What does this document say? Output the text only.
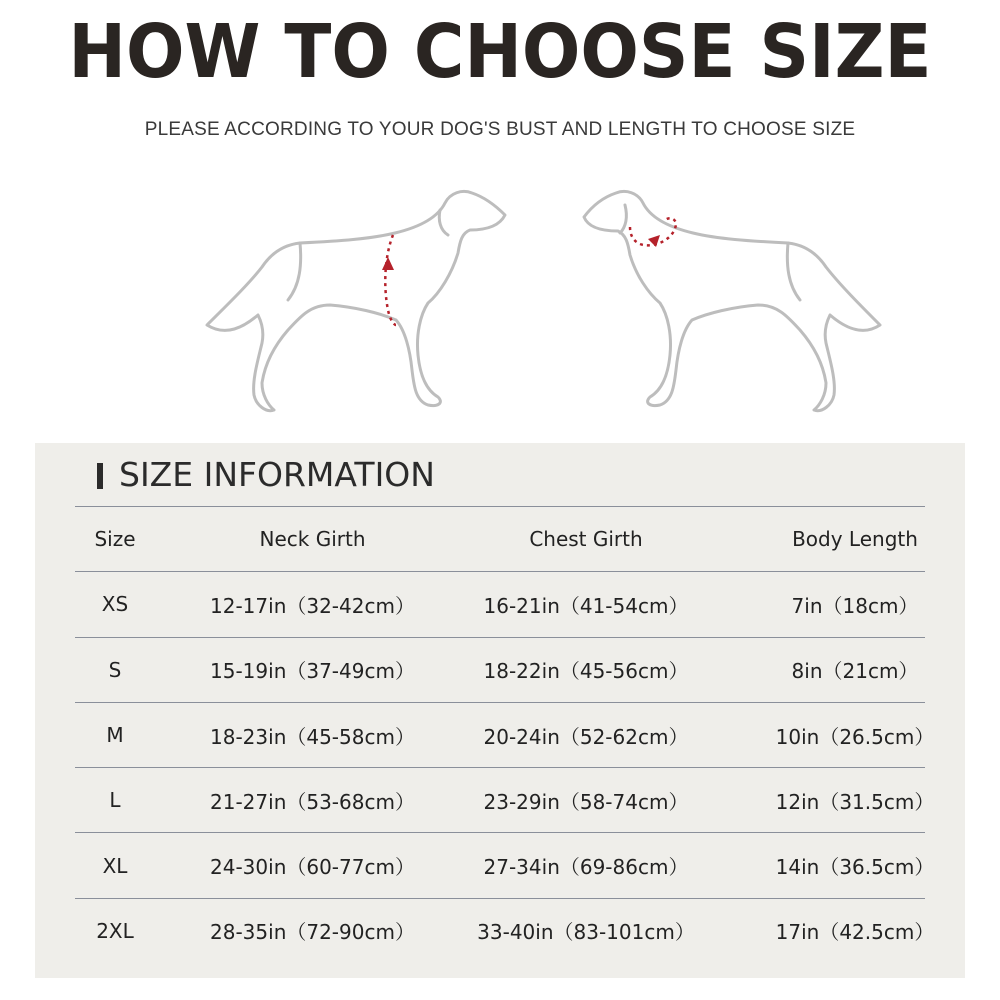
HOW TO CHOOSE SIZE
PLEASE ACCORDING TO YOUR DOG'S BUST AND LENGTH TO CHOOSE SIZE
SIZE INFORMATION
Size	Neck Girth	Chest Girth	Body Length
XS	12-17in（32-42cm）	16-21in（41-54cm）	7in（18cm）
S	15-19in（37-49cm）	18-22in（45-56cm）	8in（21cm）
M	18-23in（45-58cm）	20-24in（52-62cm）	10in（26.5cm）
L	21-27in（53-68cm）	23-29in（58-74cm）	12in（31.5cm）
XL	24-30in（60-77cm）	27-34in（69-86cm）	14in（36.5cm）
2XL	28-35in（72-90cm）	33-40in（83-101cm）	17in（42.5cm）
